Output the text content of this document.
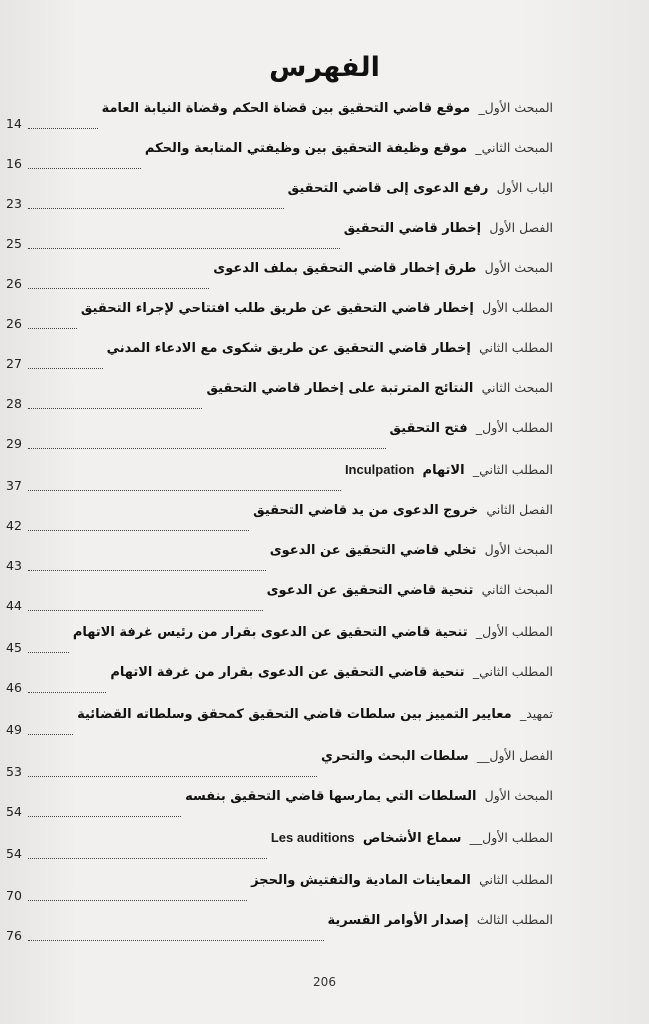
الفهرس
المبحث الأول_  موقع قاضي التحقيق بين قضاة الحكم وقضاة النيابة العامة
14
المبحث الثاني_  موقع وظيفة التحقيق بين وظيفتي المتابعة والحكم
16
الباب الأول  رفع الدعوى إلى قاضي التحقيق
23
الفصل الأول  إخطار قاضي التحقيق
25
المبحث الأول  طرق إخطار قاضي التحقيق بملف الدعوى
26
المطلب الأول  إخطار قاضي التحقيق عن طريق طلب افتتاحي لإجراء التحقيق
26
المطلب الثاني  إخطار قاضي التحقيق عن طريق شكوى مع الادعاء المدني
27
المبحث الثاني  النتائج المترتبة على إخطار قاضي التحقيق
28
المطلب الأول_  فتح التحقيق
29
المطلب الثاني_  الاتهام  Inculpation
37
الفصل الثاني  خروج الدعوى من يد قاضي التحقيق
42
المبحث الأول  تخلي قاضي التحقيق عن الدعوى
43
المبحث الثاني  تنحية قاضي التحقيق عن الدعوى
44
المطلب الأول_  تنحية قاضي التحقيق عن الدعوى بقرار من رئيس غرفة الاتهام
45
المطلب الثاني_  تنحية قاضي التحقيق عن الدعوى بقرار من غرفة الاتهام
46
تمهيد_  معايير التمييز بين سلطات قاضي التحقيق كمحقق وسلطاته القضائية
49
الفصل الأول__  سلطات البحث والتحري
53
المبحث الأول  السلطات التي يمارسها قاضي التحقيق بنفسه
54
المطلب الأول__  سماع الأشخاص  Les auditions
54
المطلب الثاني  المعاينات المادية والتفتيش والحجز
70
المطلب الثالث  إصدار الأوامر القسرية
76
206
